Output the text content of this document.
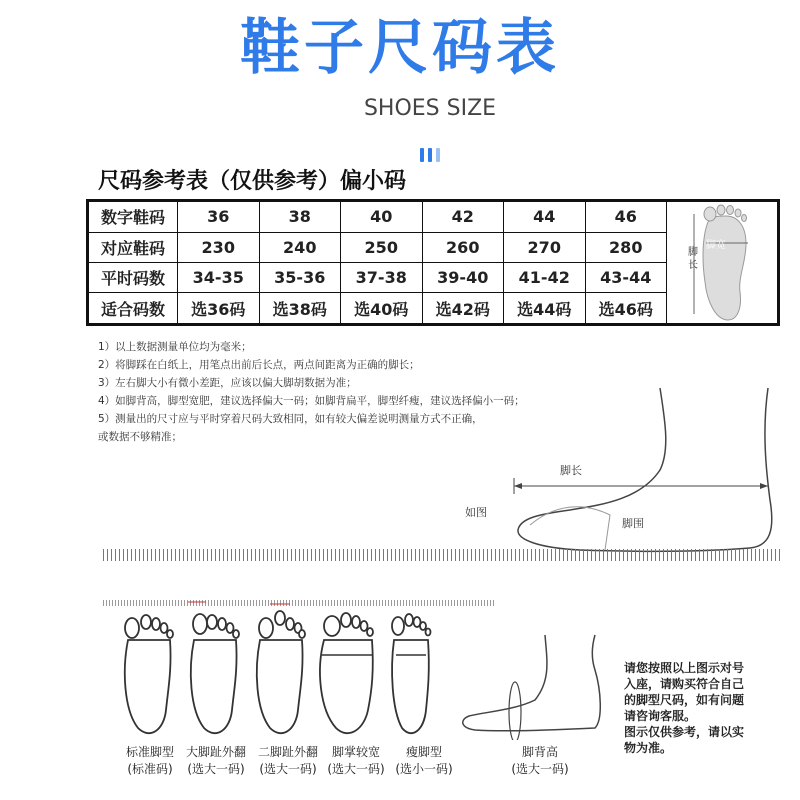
鞋子尺码表
SHOES SIZE
尺码参考表（仅供参考）偏小码
数字鞋码	36	38	40	42	44	46	
对应鞋码	230	240	250	260	270	280	
平时码数	34-35	35-36	37-38	39-40	41-42	43-44	
适合码数	选36码	选38码	选40码	选42码	选44码	选46码	
脚宽
脚长
1）以上数据测量单位均为毫米；
2）将脚踩在白纸上，用笔点出前后长点，两点间距离为正确的脚长；
3）左右脚大小有微小差距，应该以偏大脚胡数据为准；
4）如脚背高，脚型宽肥，建议选择偏大一码；如脚背扁平，脚型纤瘦，建议选择偏小一码；
5）测量出的尺寸应与平时穿着尺码大致相同，如有较大偏差说明测量方式不正确，
或数据不够精准；
脚长
脚围
如图
标准脚型
(标准码)
大脚趾外翻
(选大一码)
二脚趾外翻
(选大一码)
脚掌较宽
(选大一码)
瘦脚型
(选小一码)
脚背高
(选大一码)
请您按照以上图示对号
入座，请购买符合自己
的脚型尺码，如有问题
请咨询客服。
图示仅供参考，请以实
物为准。
